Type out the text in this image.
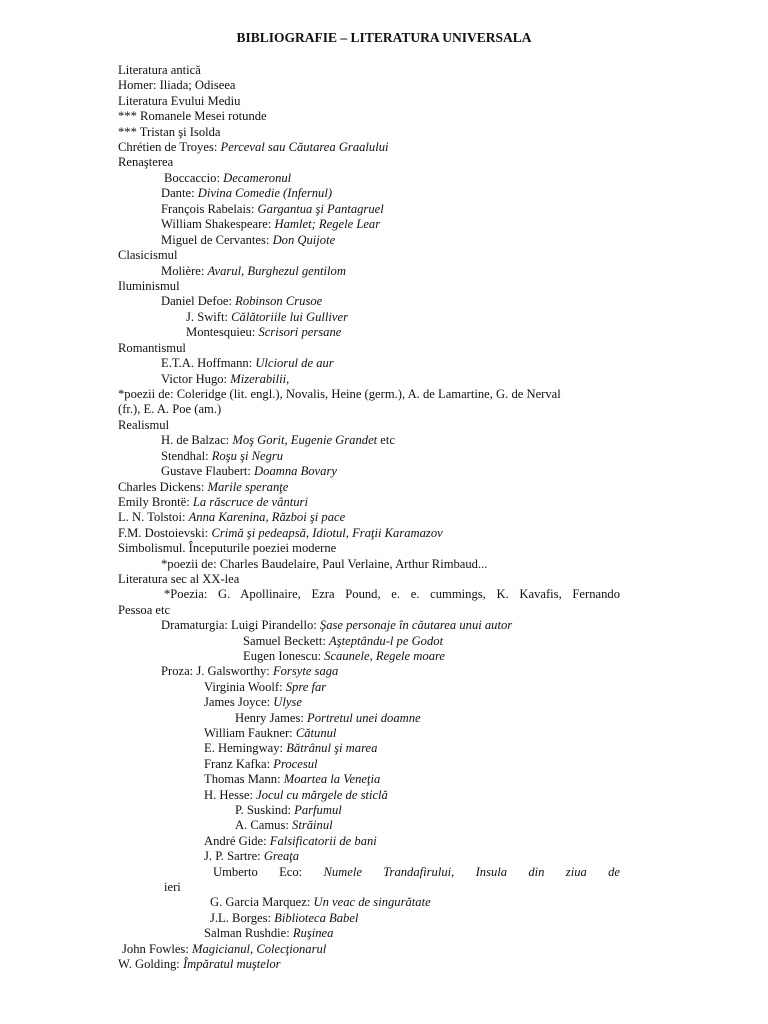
BIBLIOGRAFIE – LITERATURA UNIVERSALA
Literatura antică
Homer: Iliada; Odiseea
Literatura Evului Mediu
*** Romanele Mesei rotunde
*** Tristan şi Isolda
Chrétien de Troyes: Perceval sau Căutarea Graalului
Renaşterea
Boccaccio: Decameronul
Dante: Divina Comedie (Infernul)
François Rabelais: Gargantua şi Pantagruel
William Shakespeare: Hamlet; Regele Lear
Miguel de Cervantes: Don Quijote
Clasicismul
Molière: Avarul, Burghezul gentilom
Iluminismul
Daniel Defoe: Robinson Crusoe
J. Swift: Călătoriile lui Gulliver
Montesquieu: Scrisori persane
Romantismul
E.T.A. Hoffmann: Ulciorul de aur
Victor Hugo: Mizerabilii,
*poezii de: Coleridge (lit. engl.), Novalis, Heine (germ.), A. de Lamartine, G. de Nerval
(fr.), E. A. Poe (am.)
Realismul
H. de Balzac: Moş Gorit, Eugenie Grandet etc
Stendhal: Roşu şi Negru
Gustave Flaubert: Doamna Bovary
Charles Dickens: Marile speranţe
Emily Brontë: La răscruce de vânturi
L. N. Tolstoi: Anna Karenina, Război şi pace
F.M. Dostoievski: Crimă şi pedeapsă, Idiotul, Fraţii Karamazov
Simbolismul. Începuturile poeziei moderne
*poezii de: Charles Baudelaire, Paul Verlaine, Arthur Rimbaud...
Literatura sec al XX-lea
*Poezia: G. Apollinaire, Ezra Pound, e. e. cummings, K. Kavafis, Fernando
Pessoa etc
Dramaturgia: Luigi Pirandello: Şase personaje în căutarea unui autor
Samuel Beckett: Aşteptându-l pe Godot
Eugen Ionescu: Scaunele, Regele moare
Proza: J. Galsworthy: Forsyte saga
Virginia Woolf: Spre far
James Joyce: Ulyse
Henry James: Portretul unei doamne
William Faukner: Cătunul
E. Hemingway: Bătrânul şi marea
Franz Kafka: Procesul
Thomas Mann: Moartea la Veneţia
H. Hesse: Jocul cu mărgele de sticlă
P. Suskind: Parfumul
A. Camus: Străinul
André Gide: Falsificatorii de bani
J. P. Sartre: Greaţa
Umberto Eco: Numele Trandafirului, Insula din ziua de
ieri
G. Garcia Marquez: Un veac de singurătate
J.L. Borges: Biblioteca Babel
Salman Rushdie: Ruşinea
John Fowles: Magicianul, Colecţionarul
W. Golding: Împăratul muştelor
